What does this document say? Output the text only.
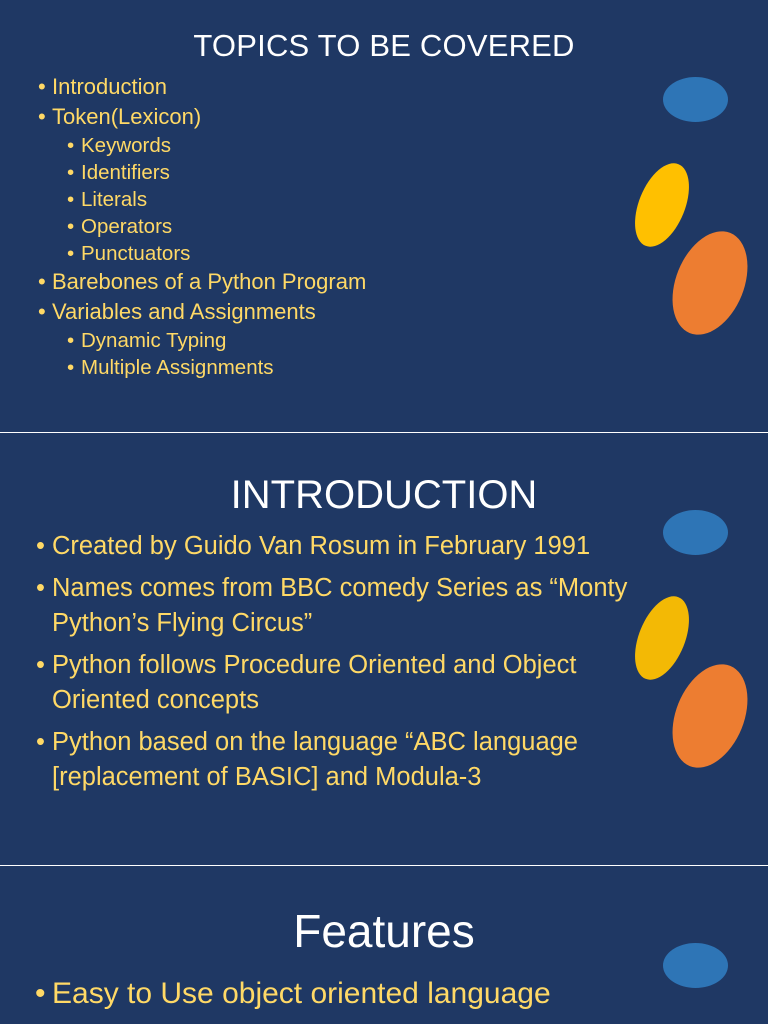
TOPICS TO BE COVERED
• Introduction
• Token(Lexicon)
• Keywords
• Identifiers
• Literals
• Operators
• Punctuators
• Barebones of a Python Program
• Variables and Assignments
• Dynamic Typing
• Multiple Assignments
INTRODUCTION
• Created by Guido Van Rosum in February 1991
• Names comes from BBC comedy Series as “Monty
Python’s Flying Circus”
• Python follows Procedure Oriented and Object
Oriented concepts
• Python based on the language “ABC language
[replacement of BASIC] and Modula-3
Features
• Easy to Use object oriented language
